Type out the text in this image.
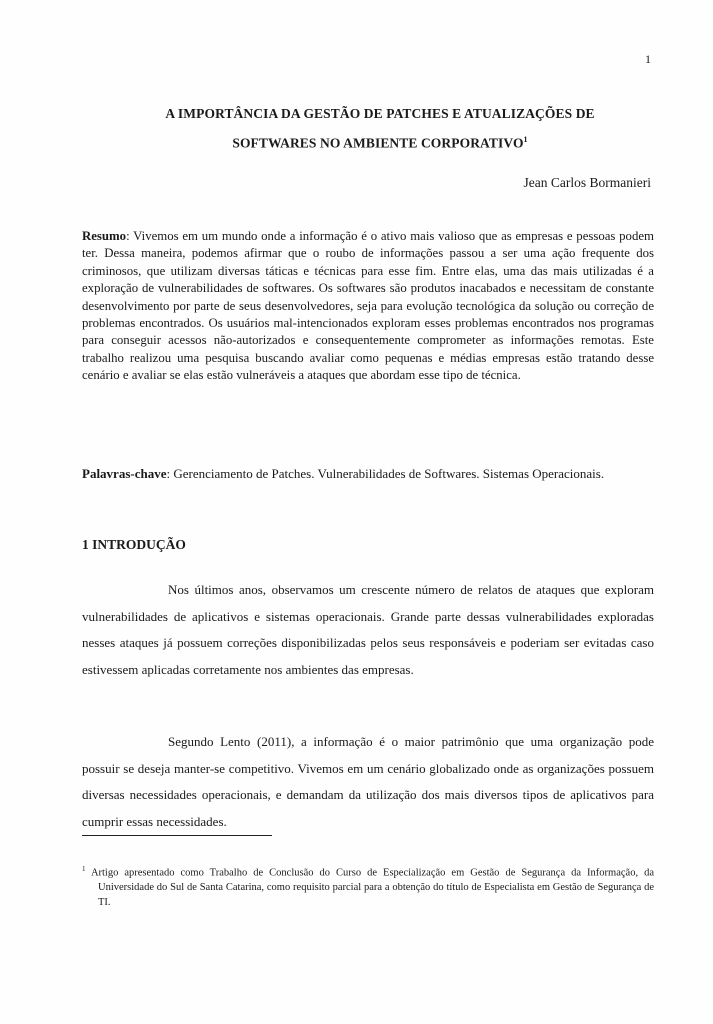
1
A IMPORTÂNCIA DA GESTÃO DE PATCHES E ATUALIZAÇÕES DE
SOFTWARES NO AMBIENTE CORPORATIVO$^1$
Jean Carlos Bormanieri
Resumo: Vivemos em um mundo onde a informação é o ativo mais valioso que as empresas e pessoas podem ter. Dessa maneira, podemos afirmar que o roubo de informações passou a ser uma ação frequente dos criminosos, que utilizam diversas táticas e técnicas para esse fim. Entre elas, uma das mais utilizadas é a exploração de vulnerabilidades de softwares. Os softwares são produtos inacabados e necessitam de constante desenvolvimento por parte de seus desenvolvedores, seja para evolução tecnológica da solução ou correção de problemas encontrados. Os usuários mal-intencionados exploram esses problemas encontrados nos programas para conseguir acessos não-autorizados e consequentemente comprometer as informações remotas. Este trabalho realizou uma pesquisa buscando avaliar como pequenas e médias empresas estão tratando desse cenário e avaliar se elas estão vulneráveis a ataques que abordam esse tipo de técnica.
Palavras-chave: Gerenciamento de Patches. Vulnerabilidades de Softwares. Sistemas Operacionais.
1 INTRODUÇÃO
Nos últimos anos, observamos um crescente número de relatos de ataques que exploram vulnerabilidades de aplicativos e sistemas operacionais. Grande parte dessas vulnerabilidades exploradas nesses ataques já possuem correções disponibilizadas pelos seus responsáveis e poderiam ser evitadas caso estivessem aplicadas corretamente nos ambientes das empresas.
Segundo Lento (2011), a informação é o maior patrimônio que uma organização pode possuir se deseja manter-se competitivo. Vivemos em um cenário globalizado onde as organizações possuem diversas necessidades operacionais, e demandam da utilização dos mais diversos tipos de aplicativos para cumprir essas necessidades.
$^1$ Artigo apresentado como Trabalho de Conclusão do Curso de Especialização em Gestão de Segurança da Informação, da Universidade do Sul de Santa Catarina, como requisito parcial para a obtenção do título de Especialista em Gestão de Segurança de TI.
